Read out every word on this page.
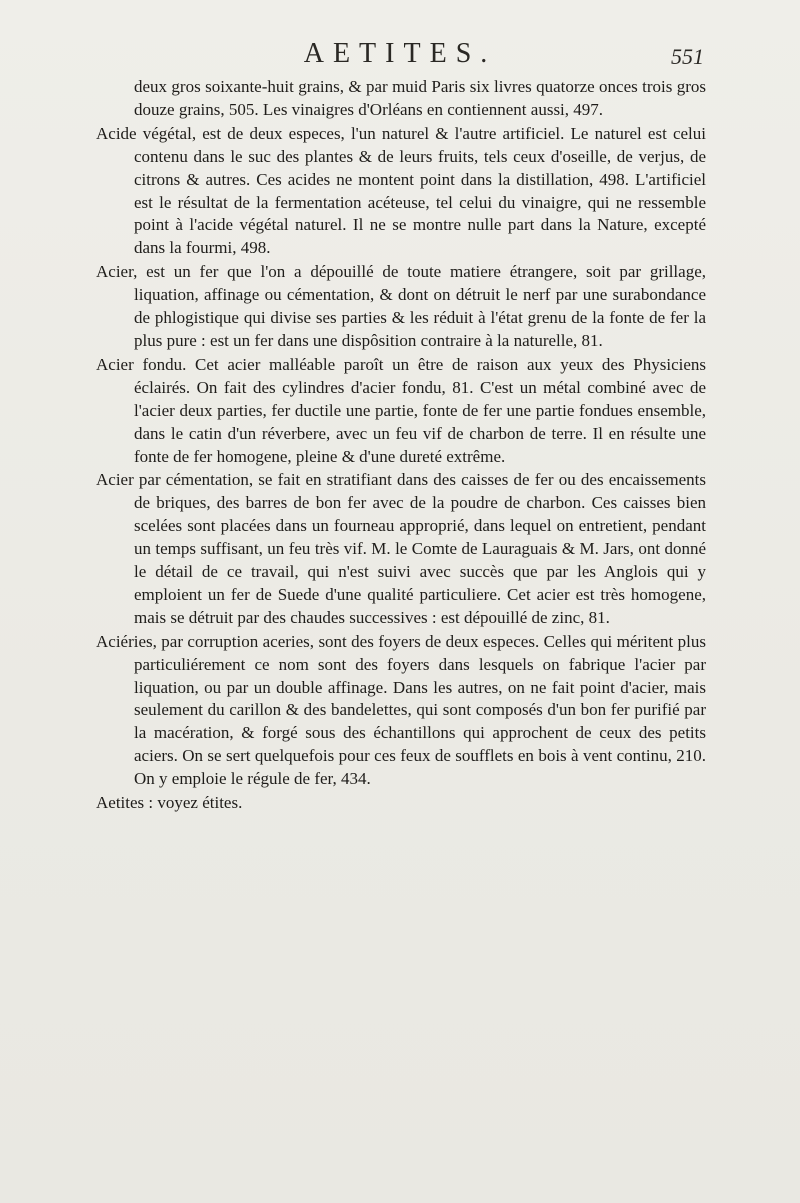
AETITES.	551

deux gros soixante-huit grains, & par muid Paris six livres quatorze onces trois gros douze grains, 505. Les vinaigres d'Orléans en contiennent aussi, 497.

Acide végétal, est de deux especes, l'un naturel & l'autre artificiel. Le naturel est celui contenu dans le suc des plantes & de leurs fruits, tels ceux d'oseille, de verjus, de citrons & autres. Ces acides ne montent point dans la distillation, 498. L'artificiel est le résultat de la fermentation acéteuse, tel celui du vinaigre, qui ne ressemble point à l'acide végétal naturel. Il ne se montre nulle part dans la Nature, excepté dans la fourmi, 498.

Acier, est un fer que l'on a dépouillé de toute matiere étrangere, soit par grillage, liquation, affinage ou cémentation, & dont on détruit le nerf par une surabondance de phlogistique qui divise ses parties & les réduit à l'état grenu de la fonte de fer la plus pure : est un fer dans une dispôsition contraire à la naturelle, 81.

Acier fondu. Cet acier malléable paroît un être de raison aux yeux des Physiciens éclairés. On fait des cylindres d'acier fondu, 81. C'est un métal combiné avec de l'acier deux parties, fer ductile une partie, fonte de fer une partie fondues ensemble, dans le catin d'un réverbere, avec un feu vif de charbon de terre. Il en résulte une fonte de fer homogene, pleine & d'une dureté extrême.

Acier par cémentation, se fait en stratifiant dans des caisses de fer ou des encaissements de briques, des barres de bon fer avec de la poudre de charbon. Ces caisses bien scelées sont placées dans un fourneau approprié, dans lequel on entretient, pendant un temps suffisant, un feu très vif. M. le Comte de Lauraguais & M. Jars, ont donné le détail de ce travail, qui n'est suivi avec succès que par les Anglois qui y emploient un fer de Suede d'une qualité particuliere. Cet acier est très homogene, mais se détruit par des chaudes successives : est dépouillé de zinc, 81.

Aciéries, par corruption aceries, sont des foyers de deux especes. Celles qui méritent plus particuliérement ce nom sont des foyers dans lesquels on fabrique l'acier par liquation, ou par un double affinage. Dans les autres, on ne fait point d'acier, mais seulement du carillon & des bandelettes, qui sont composés d'un bon fer purifié par la macération, & forgé sous des échantillons qui approchent de ceux des petits aciers. On se sert quelquefois pour ces feux de soufflets en bois à vent continu, 210. On y emploie le régule de fer, 434.

Aetites : voyez étites.
